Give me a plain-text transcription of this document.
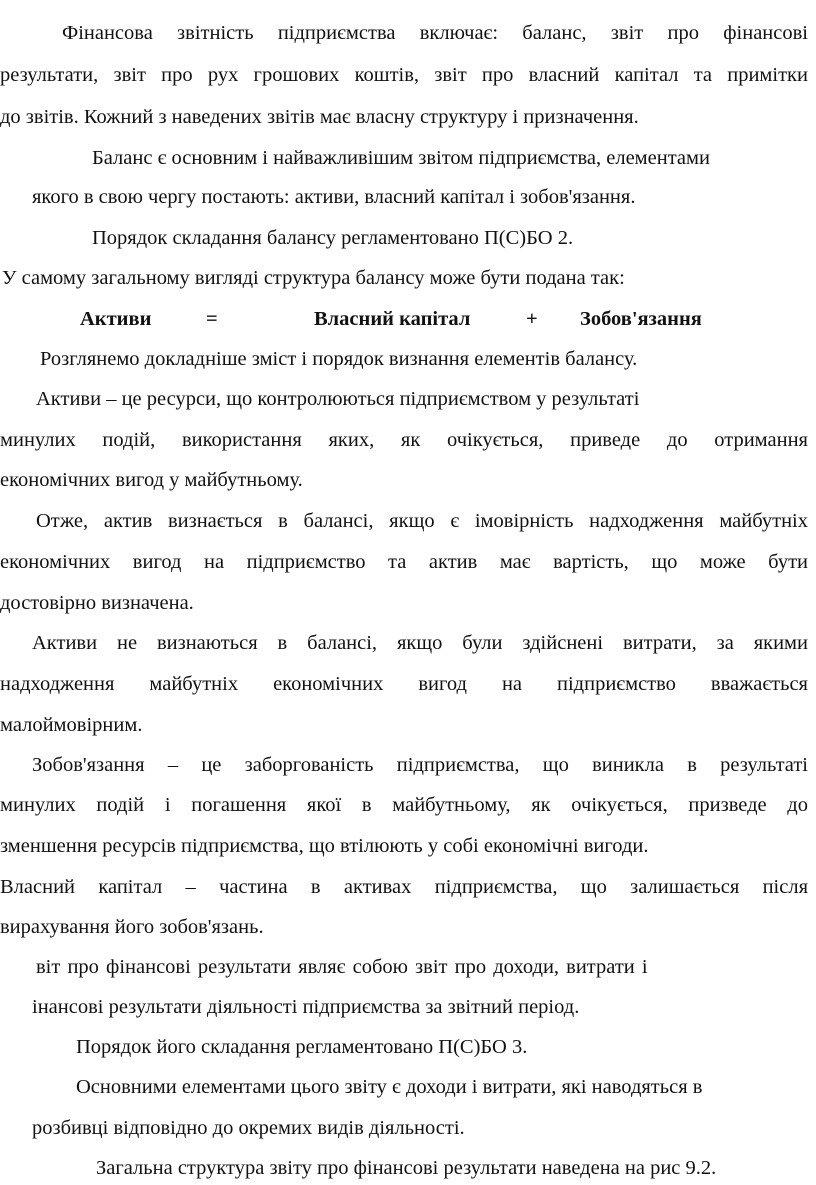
Фінансова звітність підприємства включає: баланс, звіт про фінансові
результати, звіт про рух грошових коштів, звіт про власний капітал та примітки
до звітів. Кожний з наведених звітів має власну структуру і призначення.
Баланс є основним і найважливішим звітом підприємства, елементами
якого в свою чергу постають: активи, власний капітал і зобов'язання.
Порядок складання балансу регламентовано П(С)БО 2.
У самому загальному вигляді структура балансу може бути подана так:
Активи	=	Власний капітал	+ Зобов'язання
Розглянемо докладніше зміст і порядок визнання елементів балансу.
Активи – це ресурси, що контролюються підприємством у результаті
минулих подій, використання яких, як очікується, приведе до отримання
економічних вигод у майбутньому.
Отже, актив визнається в балансі, якщо є імовірність надходження майбутніх
економічних вигод на підприємство та актив має вартість, що може бути
достовірно визначена.
Активи не визнаються в балансі, якщо були здійснені витрати, за якими
надходження майбутніх економічних вигод на підприємство вважається
малоймовірним.
Зобов'язання – це заборгованість підприємства, що виникла в результаті
минулих подій і погашення якої в майбутньому, як очікується, призведе до
зменшення ресурсів підприємства, що втілюють у собі економічні вигоди.
Власний капітал – частина в активах підприємства, що залишається після
вирахування його зобов'язань.
віт про фінансові результати являє собою звіт про доходи, витрати і
інансові результати діяльності підприємства за звітний період.
Порядок його складання регламентовано П(С)БО 3.
Основними елементами цього звіту є доходи і витрати, які наводяться в
розбивці відповідно до окремих видів діяльності.
Загальна структура звіту про фінансові результати наведена на рис 9.2.
